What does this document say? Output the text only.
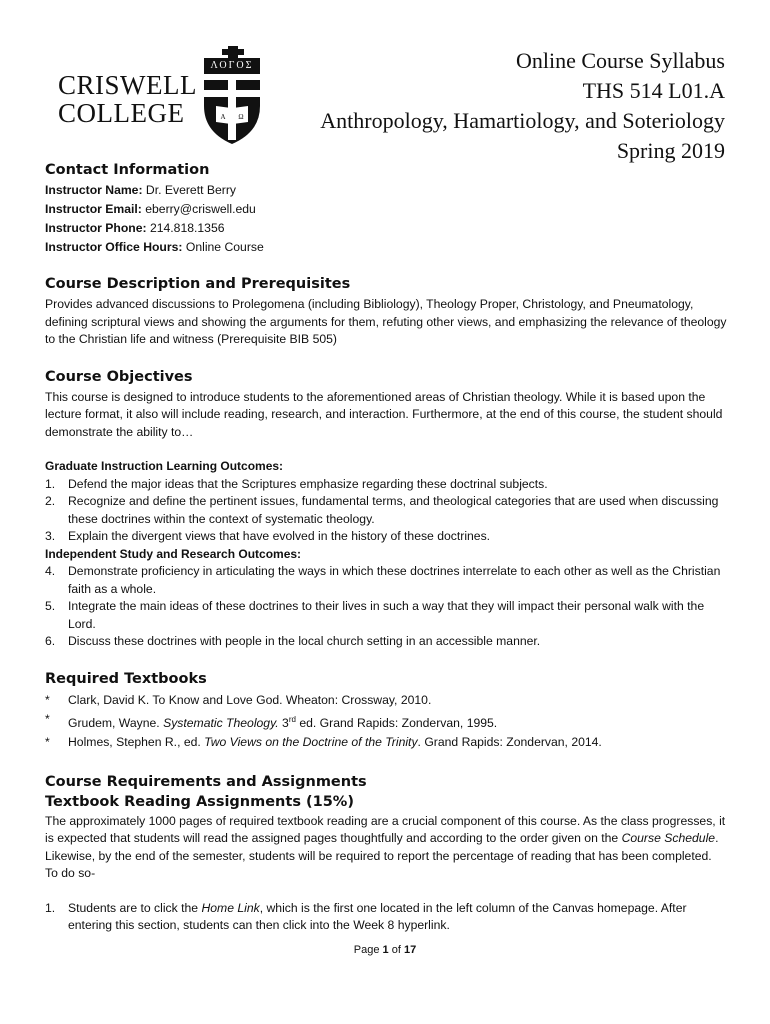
CRISWELL
COLLEGE	A Ω
ΛΟΓΟΣ	Online Course Syllabus
THS 514 L01.A
Anthropology, Hamartiology, and Soteriology
Spring 2019
Contact Information
Instructor Name: Dr. Everett Berry
Instructor Email: eberry@criswell.edu
Instructor Phone: 214.818.1356
Instructor Office Hours: Online Course
Course Description and Prerequisites

Provides advanced discussions to Prolegomena (including Bibliology), Theology Proper, Christology, and Pneumatology, defining scriptural views and showing the arguments for them, refuting other views, and emphasizing the relevance of theology to the Christian life and witness (Prerequisite BIB 505)

Course Objectives

This course is designed to introduce students to the aforementioned areas of Christian theology. While it is based upon the lecture format, it also will include reading, research, and interaction. Furthermore, at the end of this course, the student should demonstrate the ability to…

Graduate Instruction Learning Outcomes:
1. Defend the major ideas that the Scriptures emphasize regarding these doctrinal subjects.
2. Recognize and define the pertinent issues, fundamental terms, and theological categories that are used when discussing these doctrines within the context of systematic theology.
3. Explain the divergent views that have evolved in the history of these doctrines.
Independent Study and Research Outcomes:
4. Demonstrate proficiency in articulating the ways in which these doctrines interrelate to each other as well as the Christian faith as a whole.
5. Integrate the main ideas of these doctrines to their lives in such a way that they will impact their personal walk with the Lord.
6. Discuss these doctrines with people in the local church setting in an accessible manner.
Required Textbooks
* Clark, David K. To Know and Love God. Wheaton: Crossway, 2010.
* Grudem, Wayne. Systematic Theology. 3rd ed. Grand Rapids: Zondervan, 1995.
* Holmes, Stephen R., ed. Two Views on the Doctrine of the Trinity. Grand Rapids: Zondervan, 2014.
Course Requirements and Assignments
Textbook Reading Assignments (15%)

The approximately 1000 pages of required textbook reading are a crucial component of this course. As the class progresses, it is expected that students will read the assigned pages thoughtfully and according to the order given on the Course Schedule. Likewise, by the end of the semester, students will be required to report the percentage of reading that has been completed. To do so-

1. Students are to click the Home Link, which is the first one located in the left column of the Canvas homepage. After entering this section, students can then click into the Week 8 hyperlink.
Page 1 of 17
